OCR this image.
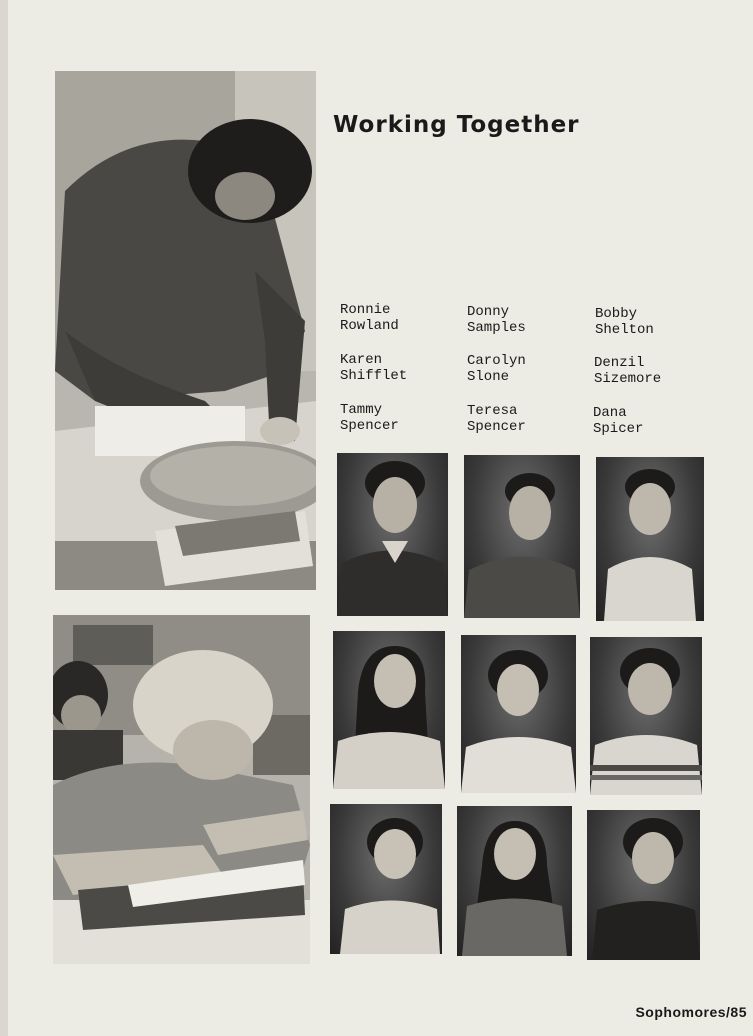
Working Together
Ronnie
Rowland
Donny
Samples
Bobby
Shelton
Karen
Shifflet
Carolyn
Slone
Denzil
Sizemore
Tammy
Spencer
Teresa
Spencer
Dana
Spicer
Sophomores/85
